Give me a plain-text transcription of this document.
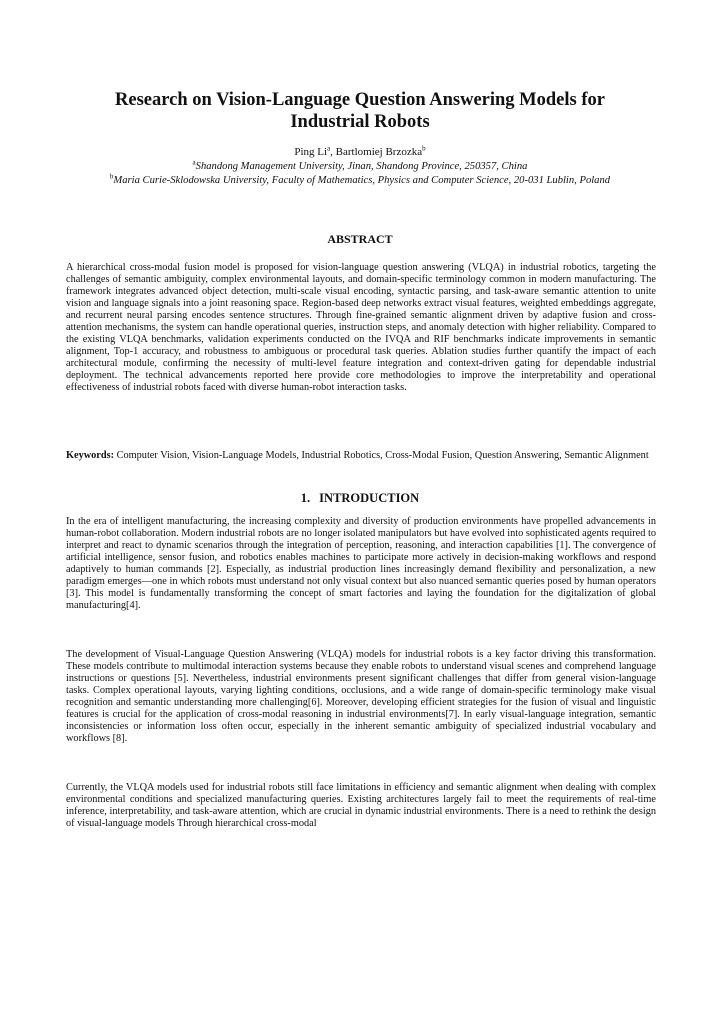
Research on Vision-Language Question Answering Models for
Industrial Robots
Ping Li$^a$, Bartlomiej Brzozka$^b$
$^a$Shandong Management University, Jinan, Shandong Province, 250357, China
$^b$Maria Curie-Sklodowska University, Faculty of Mathematics, Physics and Computer Science, 20-031 Lublin, Poland
ABSTRACT
A hierarchical cross-modal fusion model is proposed for vision-language question answering (VLQA) in industrial robotics, targeting the challenges of semantic ambiguity, complex environmental layouts, and domain-specific terminology common in modern manufacturing. The framework integrates advanced object detection, multi-scale visual encoding, syntactic parsing, and task-aware semantic attention to unite vision and language signals into a joint reasoning space. Region-based deep networks extract visual features, weighted embeddings aggregate, and recurrent neural parsing encodes sentence structures. Through fine-grained semantic alignment driven by adaptive fusion and cross-attention mechanisms, the system can handle operational queries, instruction steps, and anomaly detection with higher reliability. Compared to the existing VLQA benchmarks, validation experiments conducted on the IVQA and RIF benchmarks indicate improvements in semantic alignment, Top-1 accuracy, and robustness to ambiguous or procedural task queries. Ablation studies further quantify the impact of each architectural module, confirming the necessity of multi-level feature integration and context-driven gating for dependable industrial deployment. The technical advancements reported here provide core methodologies to improve the interpretability and operational effectiveness of industrial robots faced with diverse human-robot interaction tasks.
Keywords: Computer Vision, Vision-Language Models, Industrial Robotics, Cross-Modal Fusion, Question Answering, Semantic Alignment
1. INTRODUCTION
In the era of intelligent manufacturing, the increasing complexity and diversity of production environments have propelled advancements in human-robot collaboration. Modern industrial robots are no longer isolated manipulators but have evolved into sophisticated agents required to interpret and react to dynamic scenarios through the integration of perception, reasoning, and interaction capabilities [1]. The convergence of artificial intelligence, sensor fusion, and robotics enables machines to participate more actively in decision-making workflows and respond adaptively to human commands [2]. Especially, as industrial production lines increasingly demand flexibility and personalization, a new paradigm emerges—one in which robots must understand not only visual context but also nuanced semantic queries posed by human operators [3]. This model is fundamentally transforming the concept of smart factories and laying the foundation for the digitalization of global manufacturing[4].
The development of Visual-Language Question Answering (VLQA) models for industrial robots is a key factor driving this transformation. These models contribute to multimodal interaction systems because they enable robots to understand visual scenes and comprehend language instructions or questions [5]. Nevertheless, industrial environments present significant challenges that differ from general vision-language tasks. Complex operational layouts, varying lighting conditions, occlusions, and a wide range of domain-specific terminology make visual recognition and semantic understanding more challenging[6]. Moreover, developing efficient strategies for the fusion of visual and linguistic features is crucial for the application of cross-modal reasoning in industrial environments[7]. In early visual-language integration, semantic inconsistencies or information loss often occur, especially in the inherent semantic ambiguity of specialized industrial vocabulary and workflows [8].
Currently, the VLQA models used for industrial robots still face limitations in efficiency and semantic alignment when dealing with complex environmental conditions and specialized manufacturing queries. Existing architectures largely fail to meet the requirements of real-time inference, interpretability, and task-aware attention, which are crucial in dynamic industrial environments. There is a need to rethink the design of visual-language models Through hierarchical cross-modal
